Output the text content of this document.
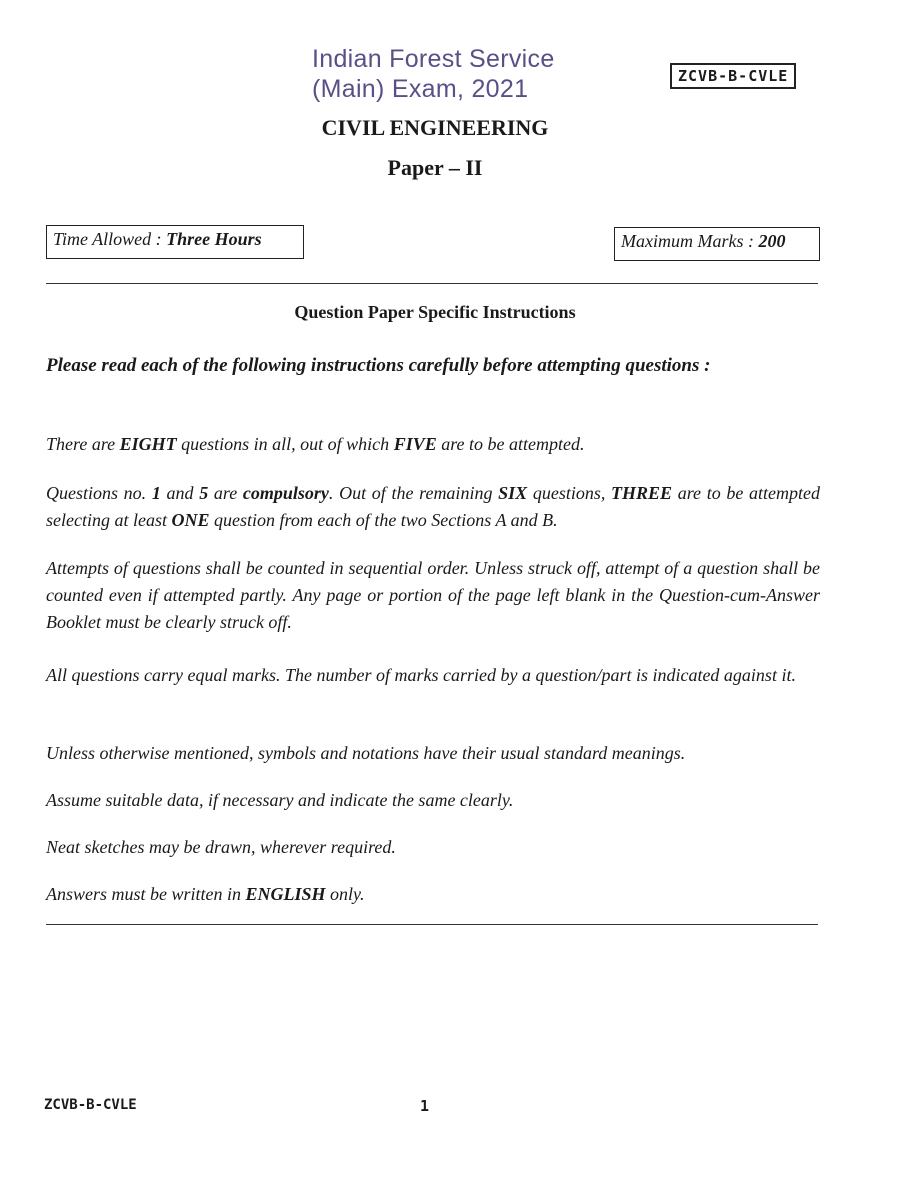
Indian Forest Service
(Main) Exam, 2021	ZCVB-B-CVLE
CIVIL ENGINEERING
Paper – II
Time Allowed : Three Hours	Maximum Marks : 200
Question Paper Specific Instructions
Please read each of the following instructions carefully before attempting questions :
There are EIGHT questions in all, out of which FIVE are to be attempted.
Questions no. 1 and 5 are compulsory. Out of the remaining SIX questions, THREE are to be attempted selecting at least ONE question from each of the two Sections A and B.
Attempts of questions shall be counted in sequential order. Unless struck off, attempt of a question shall be counted even if attempted partly. Any page or portion of the page left blank in the Question-cum-Answer Booklet must be clearly struck off.
All questions carry equal marks. The number of marks carried by a question/part is indicated against it.
Unless otherwise mentioned, symbols and notations have their usual standard meanings.
Assume suitable data, if necessary and indicate the same clearly.
Neat sketches may be drawn, wherever required.
Answers must be written in ENGLISH only.
ZCVB-B-CVLE	1
